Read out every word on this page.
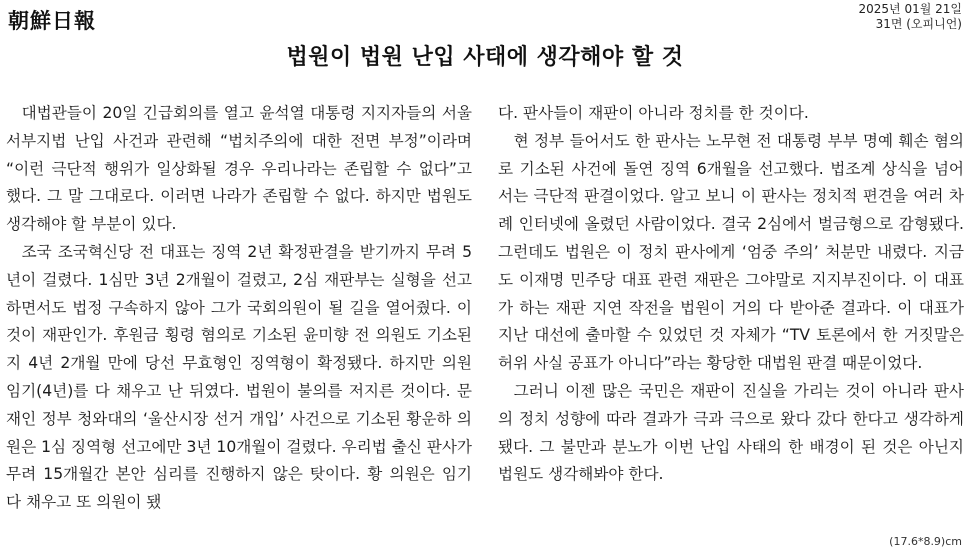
朝鮮日報	2025년 01월 21일
31면 (오피니언)
법원이 법원 난입 사태에 생각해야 할 것

대법관들이 20일 긴급회의를 열고 윤석열 대통령 지지자들의 서울서부지법 난입 사건과 관련해 “법치주의에 대한 전면 부정”이라며 “이런 극단적 행위가 일상화될 경우 우리나라는 존립할 수 없다”고 했다. 그 말 그대로다. 이러면 나라가 존립할 수 없다. 하지만 법원도 생각해야 할 부분이 있다.

조국 조국혁신당 전 대표는 징역 2년 확정판결을 받기까지 무려 5년이 걸렸다. 1심만 3년 2개월이 걸렸고, 2심 재판부는 실형을 선고하면서도 법정 구속하지 않아 그가 국회의원이 될 길을 열어줬다. 이것이 재판인가. 후원금 횡령 혐의로 기소된 윤미향 전 의원도 기소된 지 4년 2개월 만에 당선 무효형인 징역형이 확정됐다. 하지만 의원 임기(4년)를 다 채우고 난 뒤였다. 법원이 불의를 저지른 것이다. 문재인 정부 청와대의 ‘울산시장 선거 개입’ 사건으로 기소된 황운하 의원은 1심 징역형 선고에만 3년 10개월이 걸렸다. 우리법 출신 판사가 무려 15개월간 본안 심리를 진행하지 않은 탓이다. 황 의원은 임기 다 채우고 또 의원이 됐

다. 판사들이 재판이 아니라 정치를 한 것이다.

현 정부 들어서도 한 판사는 노무현 전 대통령 부부 명예 훼손 혐의로 기소된 사건에 돌연 징역 6개월을 선고했다. 법조계 상식을 넘어서는 극단적 판결이었다. 알고 보니 이 판사는 정치적 편견을 여러 차례 인터넷에 올렸던 사람이었다. 결국 2심에서 벌금형으로 감형됐다. 그런데도 법원은 이 정치 판사에게 ‘엄중 주의’ 처분만 내렸다. 지금도 이재명 민주당 대표 관련 재판은 그야말로 지지부진이다. 이 대표가 하는 재판 지연 작전을 법원이 거의 다 받아준 결과다. 이 대표가 지난 대선에 출마할 수 있었던 것 자체가 “TV 토론에서 한 거짓말은 허위 사실 공표가 아니다”라는 황당한 대법원 판결 때문이었다.

그러니 이젠 많은 국민은 재판이 진실을 가리는 것이 아니라 판사의 정치 성향에 따라 결과가 극과 극으로 왔다 갔다 한다고 생각하게 됐다. 그 불만과 분노가 이번 난입 사태의 한 배경이 된 것은 아닌지 법원도 생각해봐야 한다.

(17.6*8.9)cm
